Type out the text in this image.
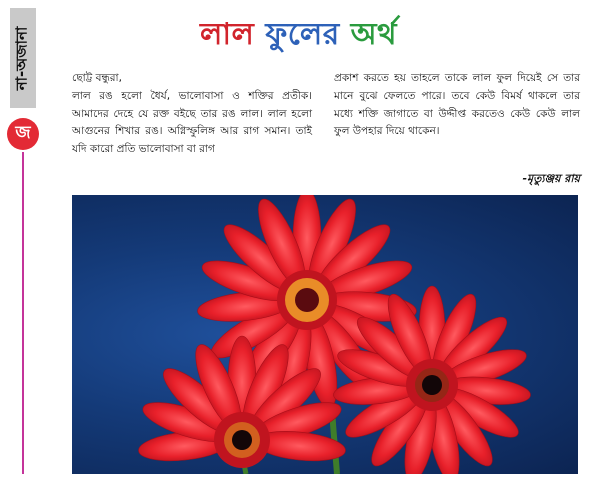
না-অজানা
জ
লাল ফুলের অর্থ
ছোট্ট বন্ধুরা,

লাল রঙ হলো ধৈর্য, ভালোবাসা ও শক্তির প্রতীক। আমাদের দেহে যে রক্ত বইছে তার রঙ লাল। লাল হলো আগুনের শিখার রঙ। অগ্নিস্ফুলিঙ্গ আর রাগ সমান। তাই যদি কারো প্রতি ভালোবাসা বা রাগ

প্রকাশ করতে হয় তাহলে তাকে লাল ফুল দিয়েই সে তার মানে বুঝে ফেলতে পারে। তবে কেউ বিমর্ষ থাকলে তার মধ্যে শক্তি জাগাতে বা উদ্দীপ্ত করতেও কেউ কেউ লাল ফুল উপহার দিয়ে থাকেন।

-মৃত্যুঞ্জয় রায়
